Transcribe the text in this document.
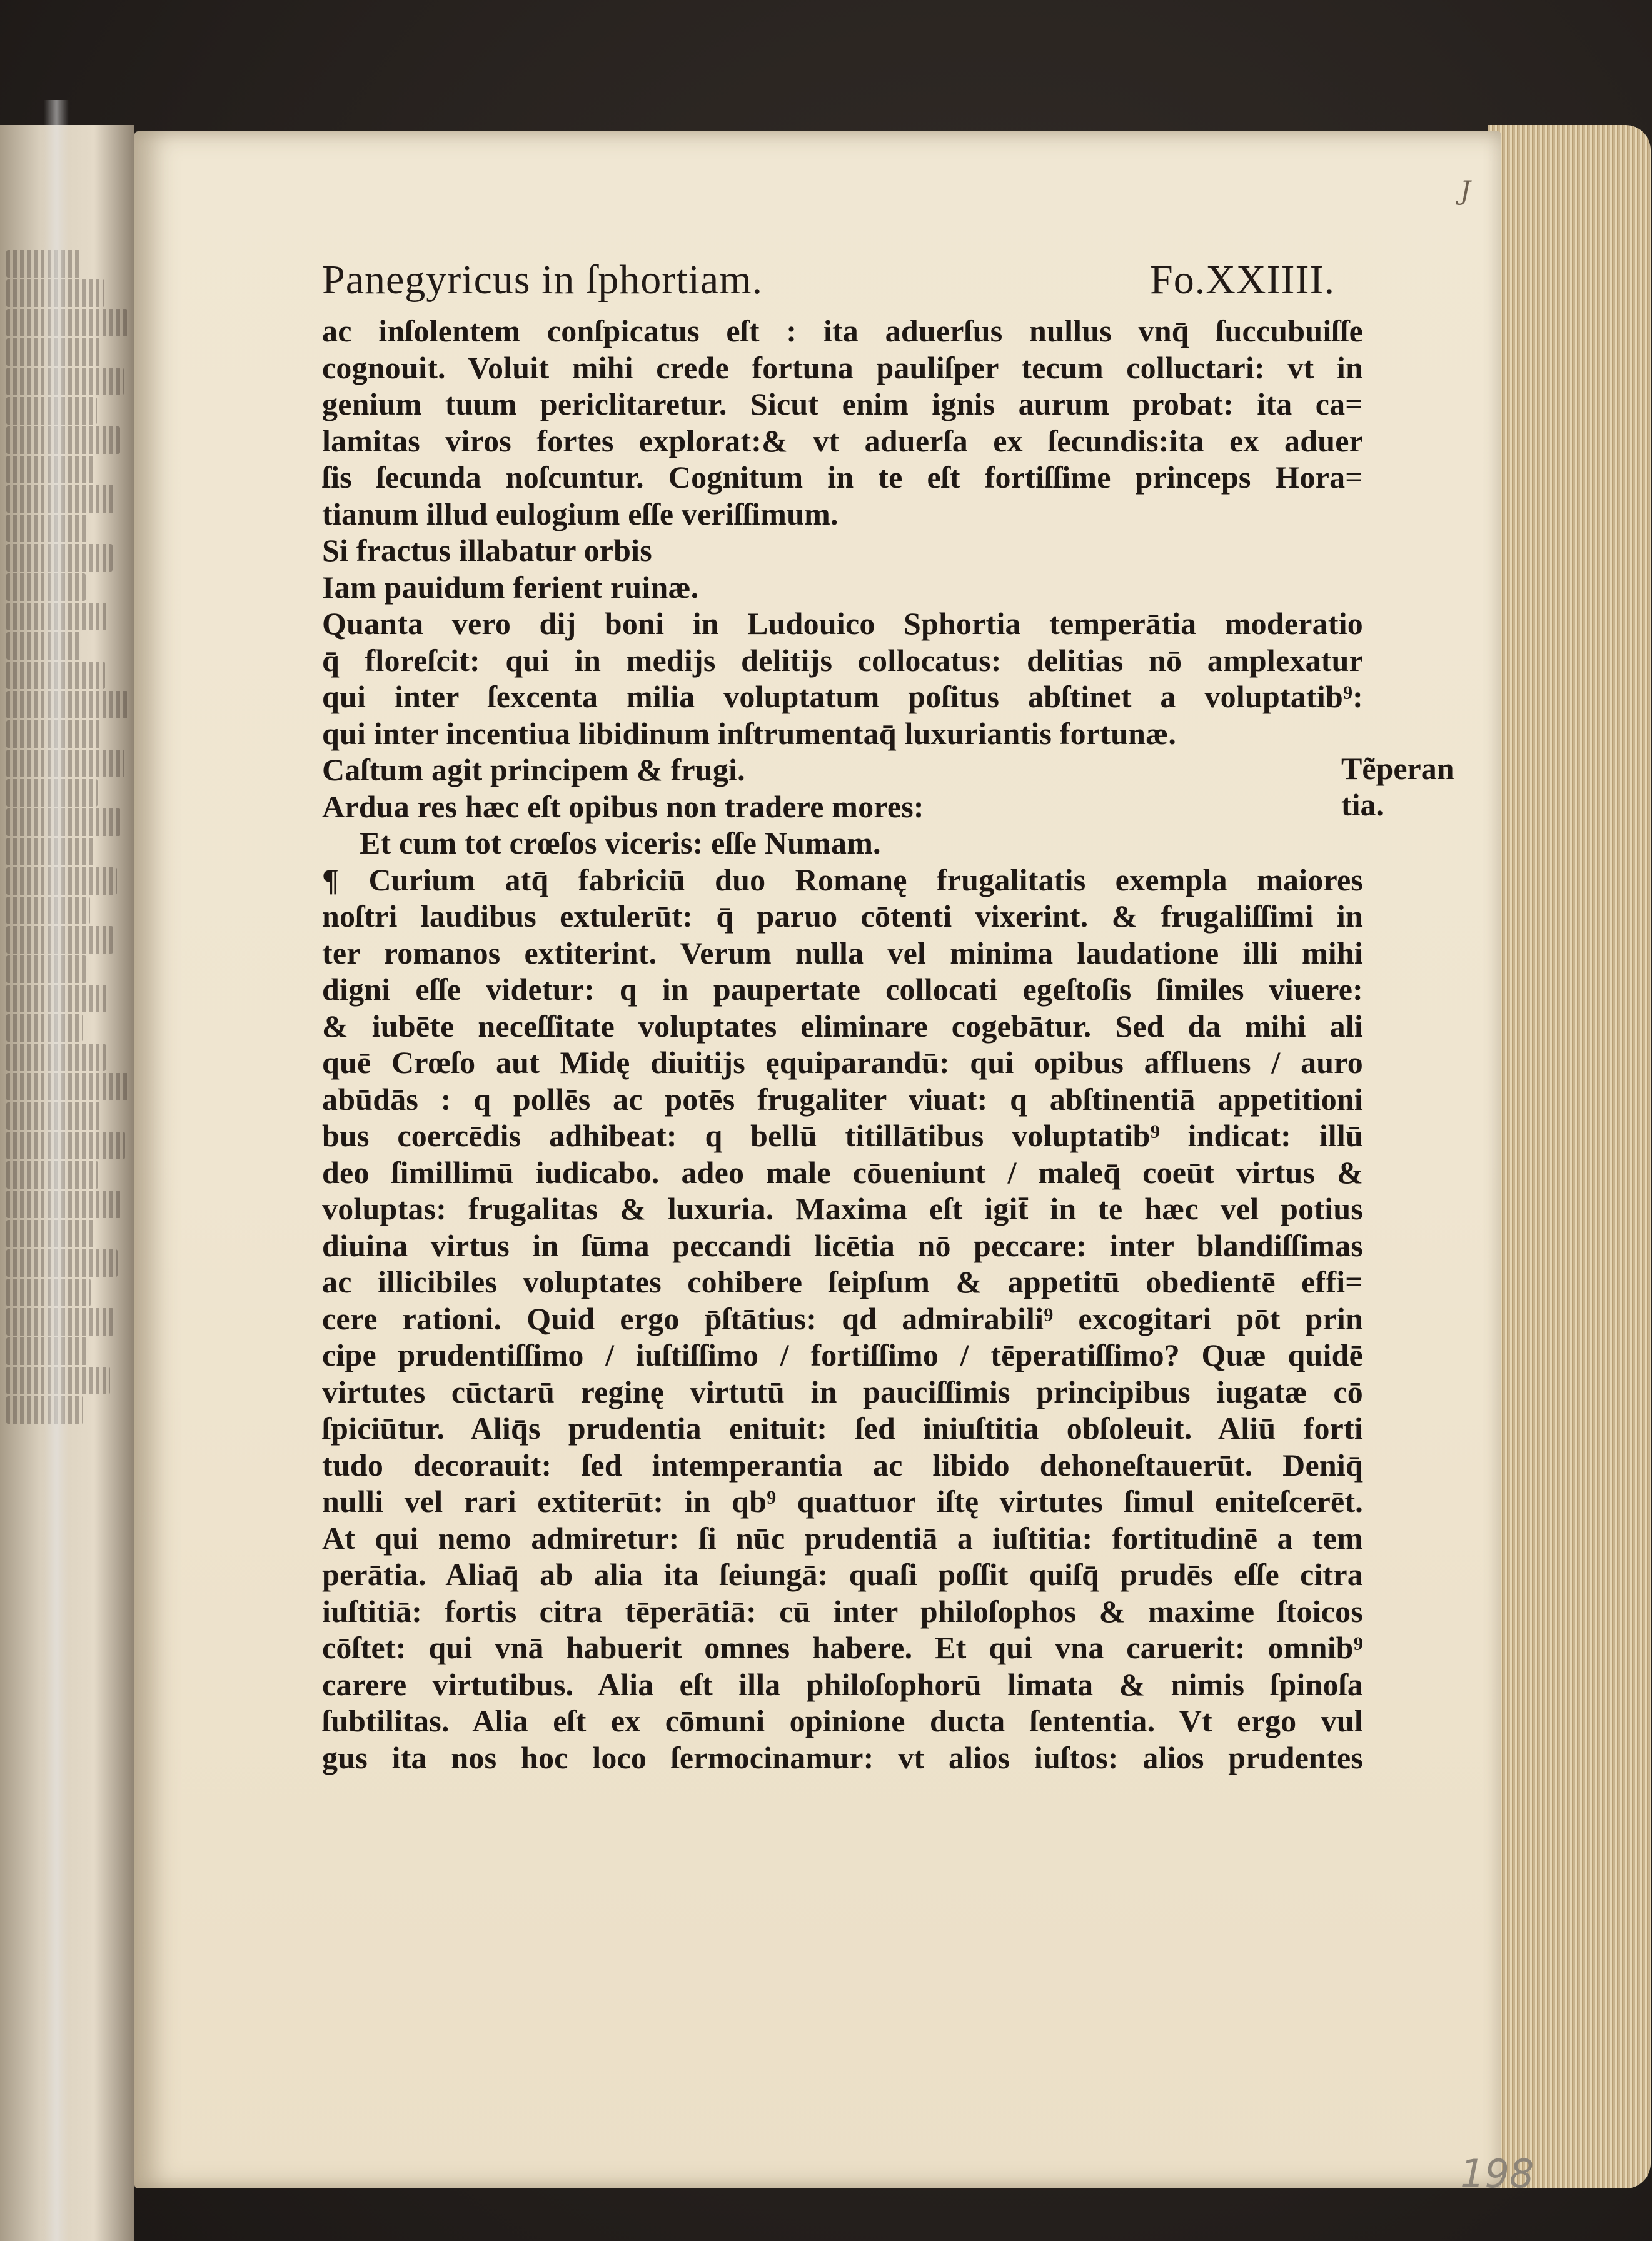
J
Panegyricus in ſphortiam.	Fo.XXIIII.
ac inſolentem conſpicatus eſt : ita aduerſus nullus vnq̄ ſuccubuiſſe
cognouit. Voluit mihi crede fortuna pauliſper tecum colluctari: vt in
genium tuum periclitaretur. Sicut enim ignis aurum probat: ita ca=
lamitas viros fortes explorat:& vt aduerſa ex ſecundis:ita ex aduer
ſis ſecunda noſcuntur. Cognitum in te eſt fortiſſime princeps Hora=
tianum illud eulogium eſſe veriſſimum.
Si fractus illabatur orbis
Iam pauidum ferient ruinæ.
Quanta vero dij boni in Ludouico Sphortia temperātia moderatio
q̄ floreſcit: qui in medijs delitijs collocatus: delitias nō amplexatur
qui inter ſexcenta milia voluptatum poſitus abſtinet a voluptatib⁹:
qui inter incentiua libidinum inſtrumentaq̄ luxuriantis fortunæ.
Caſtum agit principem & frugi.
Ardua res hæc eſt opibus non tradere mores:
Et cum tot crœſos viceris: eſſe Numam.
¶ Curium atq̄ fabriciū duo Romanę frugalitatis exempla maiores
noſtri laudibus extulerūt: q̄ paruo cōtenti vixerint. & frugaliſſimi in
ter romanos extiterint. Verum nulla vel minima laudatione illi mihi
digni eſſe videtur: q in paupertate collocati egeſtoſis ſimiles viuere:
& iubēte neceſſitate voluptates eliminare cogebātur. Sed da mihi ali
quē Crœſo aut Midę diuitijs ęquiparandū: qui opibus affluens / auro
abūdās : q pollēs ac potēs frugaliter viuat: q abſtinentiā appetitioni
bus coercēdis adhibeat: q bellū titillātibus voluptatib⁹ indicat: illū
deo ſimillimū iudicabo. adeo male cōueniunt / maleq̄ coeūt virtus &
voluptas: frugalitas & luxuria. Maxima eſt igit̄ in te hæc vel potius
diuina virtus in ſūma peccandi licētia nō peccare: inter blandiſſimas
ac illicibiles voluptates cohibere ſeipſum & appetitū obedientē effi=
cere rationi. Quid ergo p̄ſtātius: qd admirabili⁹ excogitari pōt prin
cipe prudentiſſimo / iuſtiſſimo / fortiſſimo / tēperatiſſimo? Quæ quidē
virtutes cūctarū reginę virtutū in pauciſſimis principibus iugatæ cō
ſpiciūtur. Aliq̄s prudentia enituit: ſed iniuſtitia obſoleuit. Aliū forti
tudo decorauit: ſed intemperantia ac libido dehoneſtauerūt. Deniq̄
nulli vel rari extiterūt: in qb⁹ quattuor iſtę virtutes ſimul eniteſcerēt.
At qui nemo admiretur: ſi nūc prudentiā a iuſtitia: fortitudinē a tem
perātia. Aliaq̄ ab alia ita ſeiungā: quaſi poſſit quiſq̄ prudēs eſſe citra
iuſtitiā: fortis citra tēperātiā: cū inter philoſophos & maxime ſtoicos
cōſtet: qui vnā habuerit omnes habere. Et qui vna caruerit: omnib⁹
carere virtutibus. Alia eſt illa philoſophorū limata & nimis ſpinoſa
ſubtilitas. Alia eſt ex cōmuni opinione ducta ſententia. Vt ergo vul
gus ita nos hoc loco ſermocinamur: vt alios iuſtos: alios prudentes
Tẽperan
tia.
198
